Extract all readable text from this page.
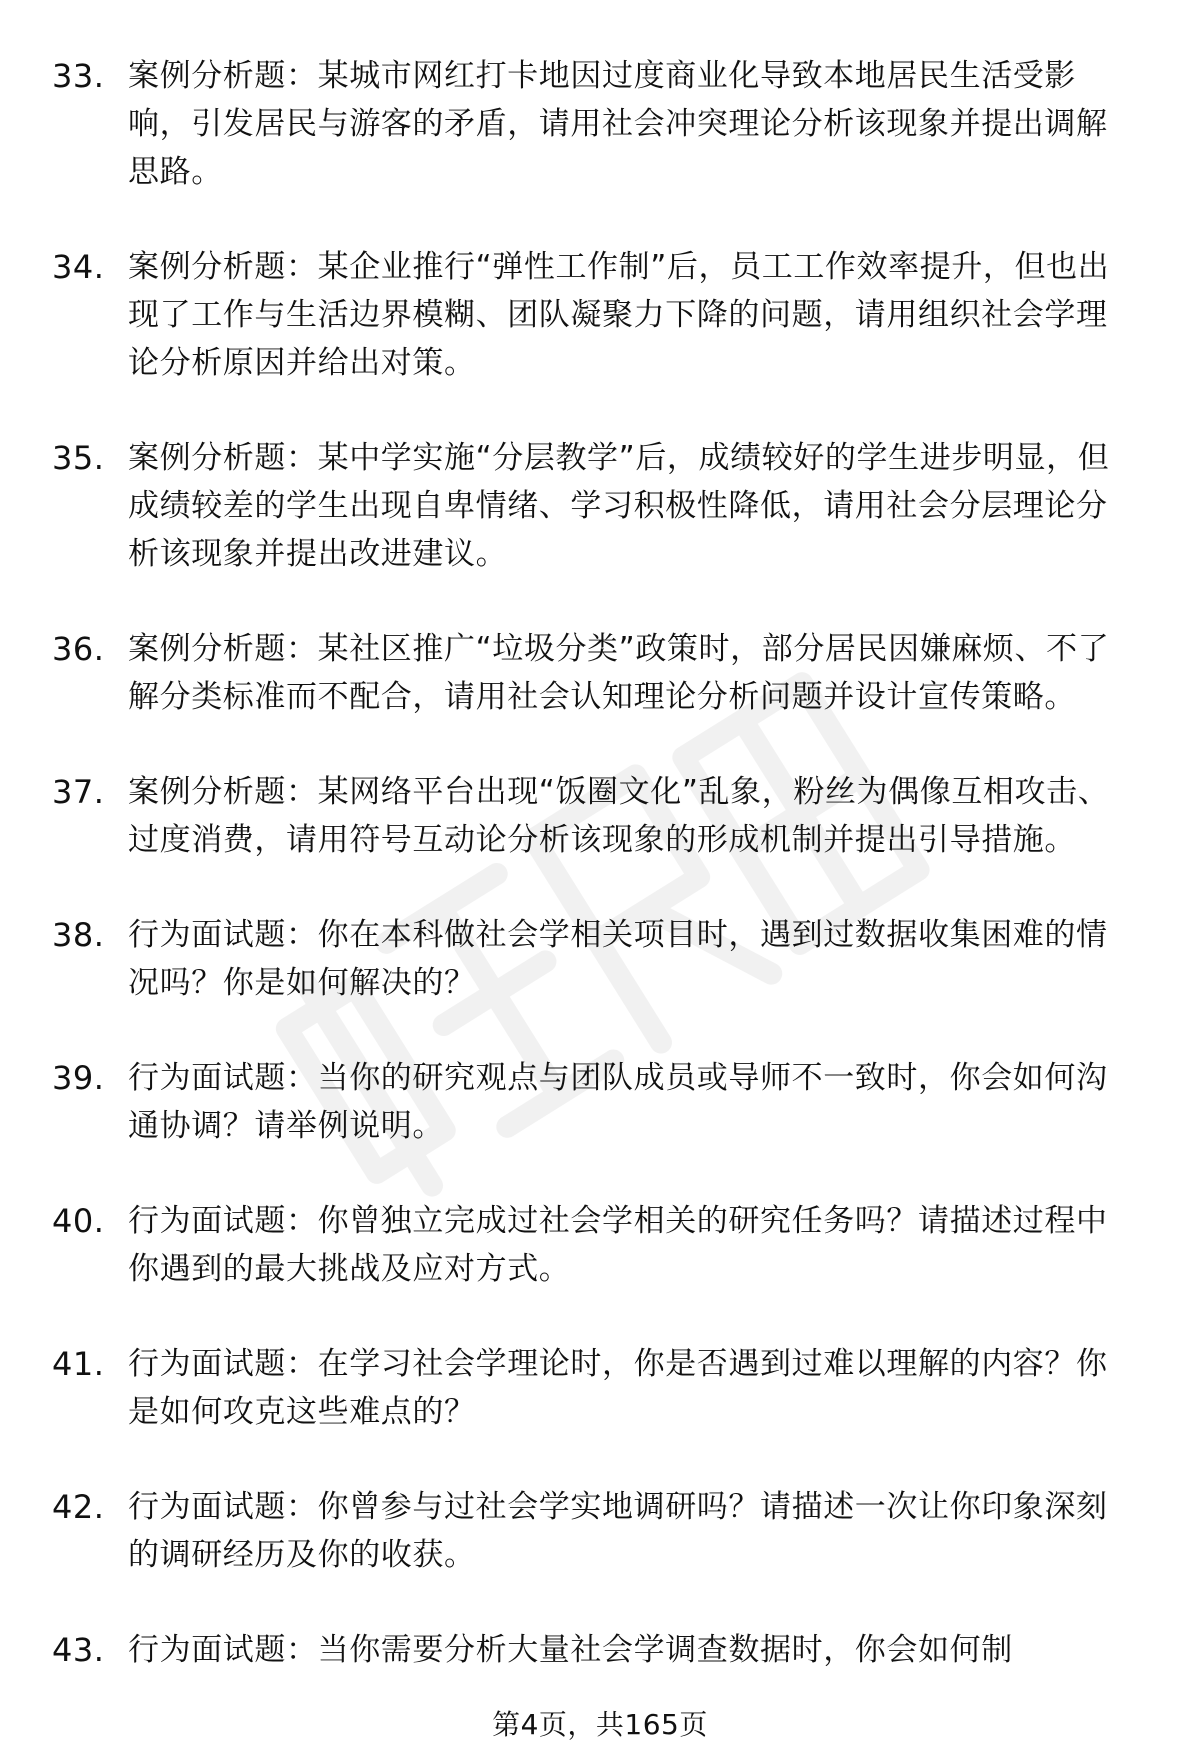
33. 案例分析题：某城市网红打卡地因过度商业化导致本地居民生活受影响，引发居民与游客的矛盾，请用社会冲突理论分析该现象并提出调解思路。
34. 案例分析题：某企业推行“弹性工作制”后，员工工作效率提升，但也出现了工作与生活边界模糊、团队凝聚力下降的问题，请用组织社会学理论分析原因并给出对策。
35. 案例分析题：某中学实施“分层教学”后，成绩较好的学生进步明显，但成绩较差的学生出现自卑情绪、学习积极性降低，请用社会分层理论分析该现象并提出改进建议。
36. 案例分析题：某社区推广“垃圾分类”政策时，部分居民因嫌麻烦、不了解分类标准而不配合，请用社会认知理论分析问题并设计宣传策略。
37. 案例分析题：某网络平台出现“饭圈文化”乱象，粉丝为偶像互相攻击、过度消费，请用符号互动论分析该现象的形成机制并提出引导措施。
38. 行为面试题：你在本科做社会学相关项目时，遇到过数据收集困难的情况吗？你是如何解决的？
39. 行为面试题：当你的研究观点与团队成员或导师不一致时，你会如何沟通协调？请举例说明。
40. 行为面试题：你曾独立完成过社会学相关的研究任务吗？请描述过程中你遇到的最大挑战及应对方式。
41. 行为面试题：在学习社会学理论时，你是否遇到过难以理解的内容？你是如何攻克这些难点的？
42. 行为面试题：你曾参与过社会学实地调研吗？请描述一次让你印象深刻的调研经历及你的收获。
43. 行为面试题：当你需要分析大量社会学调查数据时，你会如何制
第4页，共165页
